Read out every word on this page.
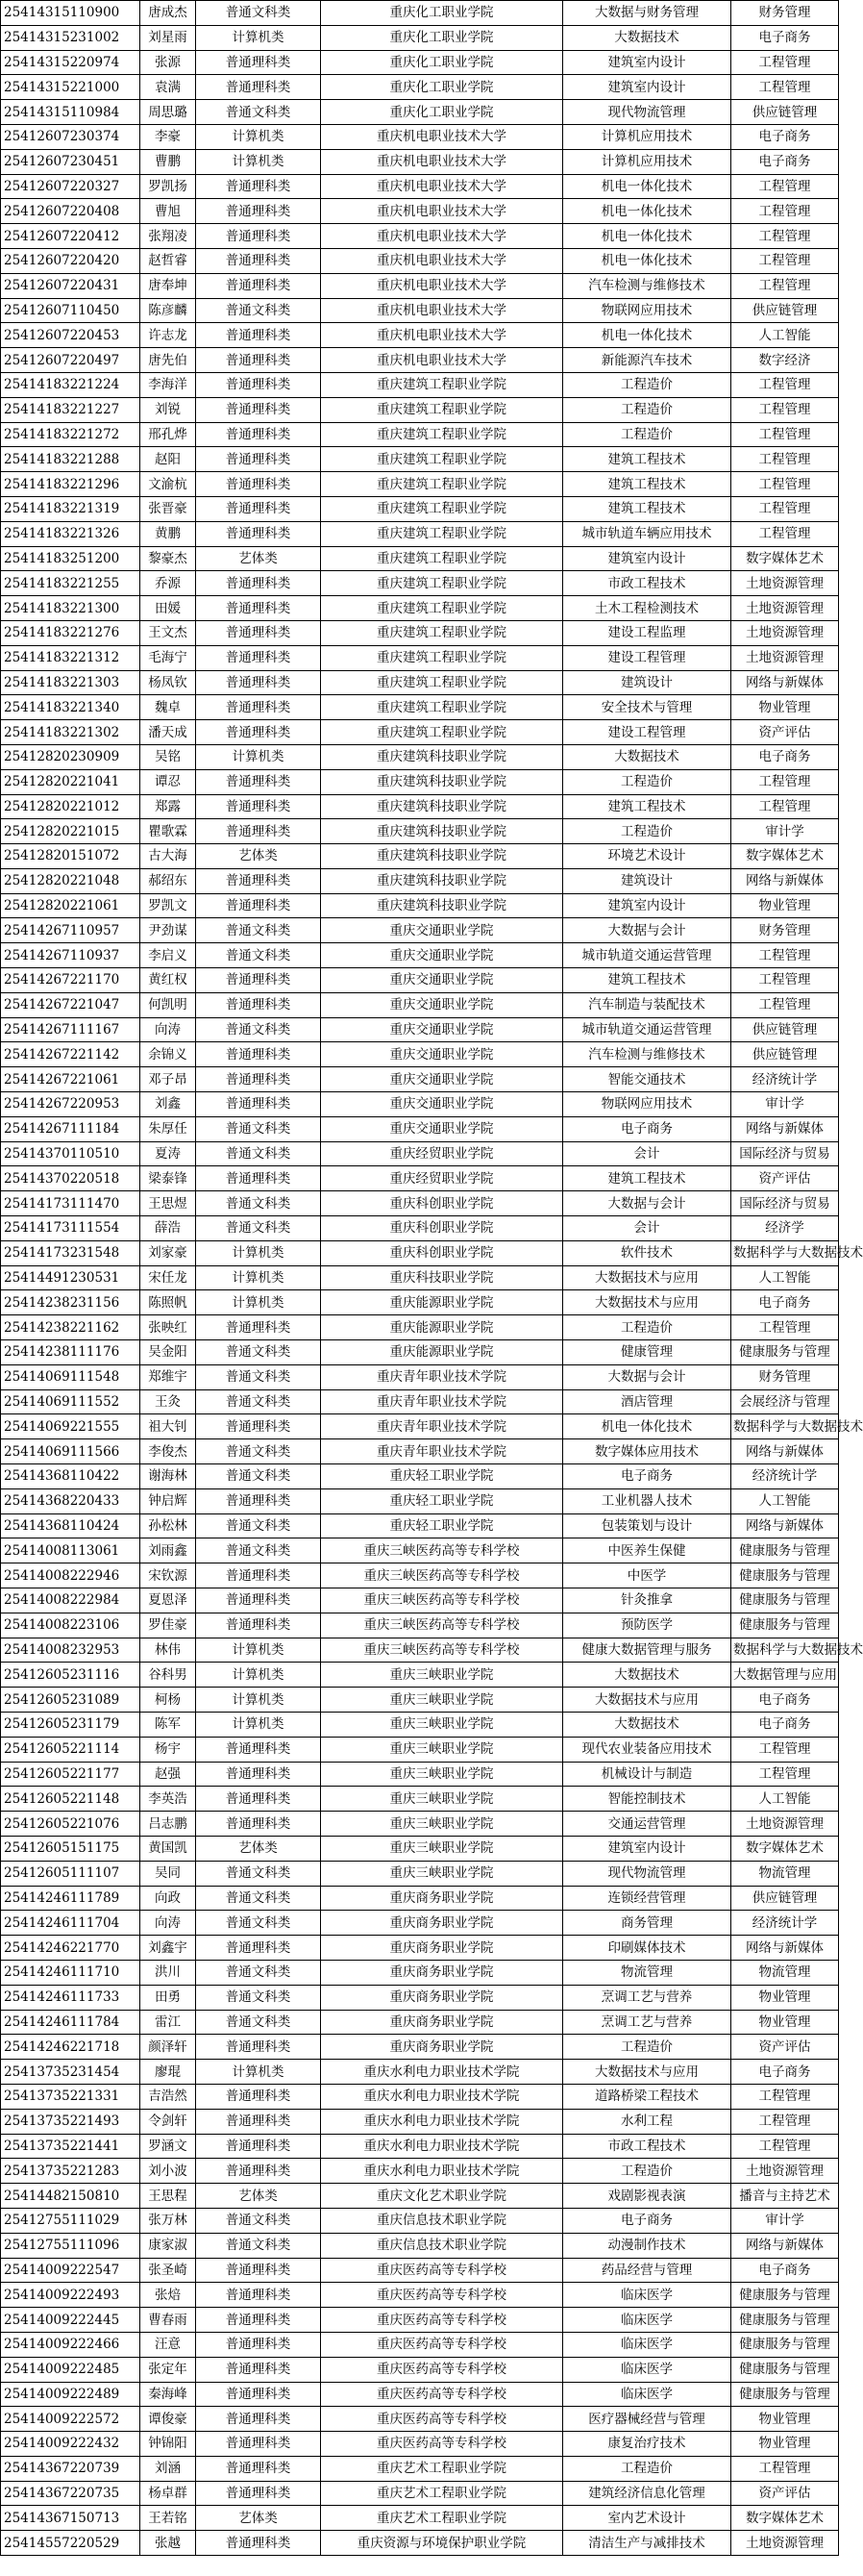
25414315110900	唐成杰	普通文科类	重庆化工职业学院	大数据与财务管理	财务管理
25414315231002	刘星雨	计算机类	重庆化工职业学院	大数据技术	电子商务
25414315220974	张源	普通理科类	重庆化工职业学院	建筑室内设计	工程管理
25414315221000	袁满	普通理科类	重庆化工职业学院	建筑室内设计	工程管理
25414315110984	周思璐	普通文科类	重庆化工职业学院	现代物流管理	供应链管理
25412607230374	李豪	计算机类	重庆机电职业技术大学	计算机应用技术	电子商务
25412607230451	曹鹏	计算机类	重庆机电职业技术大学	计算机应用技术	电子商务
25412607220327	罗凯扬	普通理科类	重庆机电职业技术大学	机电一体化技术	工程管理
25412607220408	曹旭	普通理科类	重庆机电职业技术大学	机电一体化技术	工程管理
25412607220412	张翔凌	普通理科类	重庆机电职业技术大学	机电一体化技术	工程管理
25412607220420	赵哲睿	普通理科类	重庆机电职业技术大学	机电一体化技术	工程管理
25412607220431	唐奉坤	普通理科类	重庆机电职业技术大学	汽车检测与维修技术	工程管理
25412607110450	陈彦麟	普通文科类	重庆机电职业技术大学	物联网应用技术	供应链管理
25412607220453	许志龙	普通理科类	重庆机电职业技术大学	机电一体化技术	人工智能
25412607220497	唐先伯	普通理科类	重庆机电职业技术大学	新能源汽车技术	数字经济
25414183221224	李海洋	普通理科类	重庆建筑工程职业学院	工程造价	工程管理
25414183221227	刘锐	普通理科类	重庆建筑工程职业学院	工程造价	工程管理
25414183221272	邢孔烨	普通理科类	重庆建筑工程职业学院	工程造价	工程管理
25414183221288	赵阳	普通理科类	重庆建筑工程职业学院	建筑工程技术	工程管理
25414183221296	文渝杭	普通理科类	重庆建筑工程职业学院	建筑工程技术	工程管理
25414183221319	张晋豪	普通理科类	重庆建筑工程职业学院	建筑工程技术	工程管理
25414183221326	黄鹏	普通理科类	重庆建筑工程职业学院	城市轨道车辆应用技术	工程管理
25414183251200	黎豪杰	艺体类	重庆建筑工程职业学院	建筑室内设计	数字媒体艺术
25414183221255	乔源	普通理科类	重庆建筑工程职业学院	市政工程技术	土地资源管理
25414183221300	田媛	普通理科类	重庆建筑工程职业学院	土木工程检测技术	土地资源管理
25414183221276	王文杰	普通理科类	重庆建筑工程职业学院	建设工程监理	土地资源管理
25414183221312	毛海宁	普通理科类	重庆建筑工程职业学院	建设工程管理	土地资源管理
25414183221303	杨凤钦	普通理科类	重庆建筑工程职业学院	建筑设计	网络与新媒体
25414183221340	魏卓	普通理科类	重庆建筑工程职业学院	安全技术与管理	物业管理
25414183221302	潘天成	普通理科类	重庆建筑工程职业学院	建设工程管理	资产评估
25412820230909	吴铭	计算机类	重庆建筑科技职业学院	大数据技术	电子商务
25412820221041	谭忍	普通理科类	重庆建筑科技职业学院	工程造价	工程管理
25412820221012	郑露	普通理科类	重庆建筑科技职业学院	建筑工程技术	工程管理
25412820221015	瞿歌霖	普通理科类	重庆建筑科技职业学院	工程造价	审计学
25412820151072	古大海	艺体类	重庆建筑科技职业学院	环境艺术设计	数字媒体艺术
25412820221048	郝绍东	普通理科类	重庆建筑科技职业学院	建筑设计	网络与新媒体
25412820221061	罗凯文	普通理科类	重庆建筑科技职业学院	建筑室内设计	物业管理
25414267110957	尹劲谋	普通文科类	重庆交通职业学院	大数据与会计	财务管理
25414267110937	李启义	普通文科类	重庆交通职业学院	城市轨道交通运营管理	工程管理
25414267221170	黄红权	普通理科类	重庆交通职业学院	建筑工程技术	工程管理
25414267221047	何凯明	普通理科类	重庆交通职业学院	汽车制造与装配技术	工程管理
25414267111167	向涛	普通文科类	重庆交通职业学院	城市轨道交通运营管理	供应链管理
25414267221142	余锦义	普通理科类	重庆交通职业学院	汽车检测与维修技术	供应链管理
25414267221061	邓子昂	普通理科类	重庆交通职业学院	智能交通技术	经济统计学
25414267220953	刘鑫	普通理科类	重庆交通职业学院	物联网应用技术	审计学
25414267111184	朱厚任	普通文科类	重庆交通职业学院	电子商务	网络与新媒体
25414370110510	夏涛	普通文科类	重庆经贸职业学院	会计	国际经济与贸易
25414370220518	梁泰锋	普通理科类	重庆经贸职业学院	建筑工程技术	资产评估
25414173111470	王思煜	普通文科类	重庆科创职业学院	大数据与会计	国际经济与贸易
25414173111554	薛浩	普通文科类	重庆科创职业学院	会计	经济学
25414173231548	刘家豪	计算机类	重庆科创职业学院	软件技术	数据科学与大数据技术
25414491230531	宋任龙	计算机类	重庆科技职业学院	大数据技术与应用	人工智能
25414238231156	陈照帆	计算机类	重庆能源职业学院	大数据技术与应用	电子商务
25414238221162	张映红	普通理科类	重庆能源职业学院	工程造价	工程管理
25414238111176	吴金阳	普通文科类	重庆能源职业学院	健康管理	健康服务与管理
25414069111548	郑维宇	普通文科类	重庆青年职业技术学院	大数据与会计	财务管理
25414069111552	王灸	普通文科类	重庆青年职业技术学院	酒店管理	会展经济与管理
25414069221555	祖大钊	普通理科类	重庆青年职业技术学院	机电一体化技术	数据科学与大数据技术
25414069111566	李俊杰	普通文科类	重庆青年职业技术学院	数字媒体应用技术	网络与新媒体
25414368110422	谢海林	普通文科类	重庆轻工职业学院	电子商务	经济统计学
25414368220433	钟启辉	普通理科类	重庆轻工职业学院	工业机器人技术	人工智能
25414368110424	孙松林	普通文科类	重庆轻工职业学院	包装策划与设计	网络与新媒体
25414008113061	刘雨鑫	普通文科类	重庆三峡医药高等专科学校	中医养生保健	健康服务与管理
25414008222946	宋钦源	普通理科类	重庆三峡医药高等专科学校	中医学	健康服务与管理
25414008222984	夏恩泽	普通理科类	重庆三峡医药高等专科学校	针灸推拿	健康服务与管理
25414008223106	罗佳豪	普通理科类	重庆三峡医药高等专科学校	预防医学	健康服务与管理
25414008232953	林伟	计算机类	重庆三峡医药高等专科学校	健康大数据管理与服务	数据科学与大数据技术
25412605231116	谷科男	计算机类	重庆三峡职业学院	大数据技术	大数据管理与应用
25412605231089	柯杨	计算机类	重庆三峡职业学院	大数据技术与应用	电子商务
25412605231179	陈军	计算机类	重庆三峡职业学院	大数据技术	电子商务
25412605221114	杨宇	普通理科类	重庆三峡职业学院	现代农业装备应用技术	工程管理
25412605221177	赵强	普通理科类	重庆三峡职业学院	机械设计与制造	工程管理
25412605221148	李英浩	普通理科类	重庆三峡职业学院	智能控制技术	人工智能
25412605221076	吕志鹏	普通理科类	重庆三峡职业学院	交通运营管理	土地资源管理
25412605151175	黄国凯	艺体类	重庆三峡职业学院	建筑室内设计	数字媒体艺术
25412605111107	吴同	普通文科类	重庆三峡职业学院	现代物流管理	物流管理
25414246111789	向政	普通文科类	重庆商务职业学院	连锁经营管理	供应链管理
25414246111704	向涛	普通文科类	重庆商务职业学院	商务管理	经济统计学
25414246221770	刘鑫宇	普通理科类	重庆商务职业学院	印刷媒体技术	网络与新媒体
25414246111710	洪川	普通文科类	重庆商务职业学院	物流管理	物流管理
25414246111733	田勇	普通文科类	重庆商务职业学院	烹调工艺与营养	物业管理
25414246111784	雷江	普通文科类	重庆商务职业学院	烹调工艺与营养	物业管理
25414246221718	颜泽轩	普通理科类	重庆商务职业学院	工程造价	资产评估
25413735231454	廖琨	计算机类	重庆水利电力职业技术学院	大数据技术与应用	电子商务
25413735221331	吉浩然	普通理科类	重庆水利电力职业技术学院	道路桥梁工程技术	工程管理
25413735221493	令剑轩	普通理科类	重庆水利电力职业技术学院	水利工程	工程管理
25413735221441	罗涵文	普通理科类	重庆水利电力职业技术学院	市政工程技术	工程管理
25413735221283	刘小波	普通理科类	重庆水利电力职业技术学院	工程造价	土地资源管理
25414482150810	王思程	艺体类	重庆文化艺术职业学院	戏剧影视表演	播音与主持艺术
25412755111029	张万林	普通文科类	重庆信息技术职业学院	电子商务	审计学
25412755111096	康家淑	普通文科类	重庆信息技术职业学院	动漫制作技术	网络与新媒体
25414009222547	张圣崎	普通理科类	重庆医药高等专科学校	药品经营与管理	电子商务
25414009222493	张焙	普通理科类	重庆医药高等专科学校	临床医学	健康服务与管理
25414009222445	曹春雨	普通理科类	重庆医药高等专科学校	临床医学	健康服务与管理
25414009222466	汪意	普通理科类	重庆医药高等专科学校	临床医学	健康服务与管理
25414009222485	张定年	普通理科类	重庆医药高等专科学校	临床医学	健康服务与管理
25414009222489	秦海峰	普通理科类	重庆医药高等专科学校	临床医学	健康服务与管理
25414009222572	谭俊豪	普通理科类	重庆医药高等专科学校	医疗器械经营与管理	物业管理
25414009222432	钟锦阳	普通理科类	重庆医药高等专科学校	康复治疗技术	物业管理
25414367220739	刘涵	普通理科类	重庆艺术工程职业学院	工程造价	工程管理
25414367220735	杨卓群	普通理科类	重庆艺术工程职业学院	建筑经济信息化管理	资产评估
25414367150713	王若铭	艺体类	重庆艺术工程职业学院	室内艺术设计	数字媒体艺术
25414557220529	张越	普通理科类	重庆资源与环境保护职业学院	清洁生产与减排技术	土地资源管理
